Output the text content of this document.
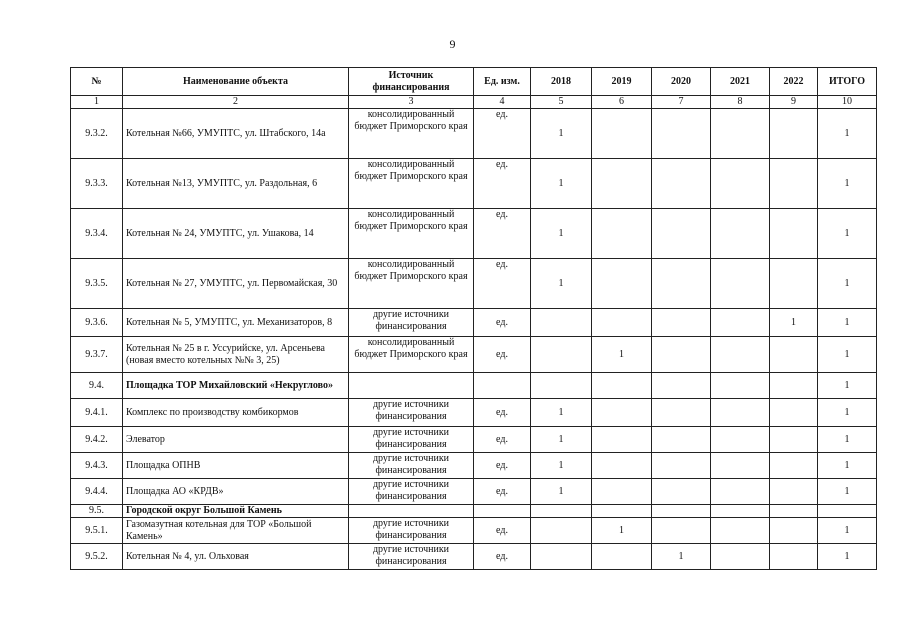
9
№	Наименование объекта	Источник финансирования	Ед. изм.	2018	2019	2020	2021	2022	ИТОГО
1	2	3	4	5	6	7	8	9	10
9.3.2.	Котельная №66, УМУПТС, ул. Штабского, 14а	консолидированный бюджет Приморского края	ед.	1					1
9.3.3.	Котельная №13, УМУПТС, ул. Раздольная, 6	консолидированный бюджет Приморского края	ед.	1					1
9.3.4.	Котельная № 24, УМУПТС, ул. Ушакова, 14	консолидированный бюджет Приморского края	ед.	1					1
9.3.5.	Котельная № 27, УМУПТС, ул. Первомайская, 30	консолидированный бюджет Приморского края	ед.	1					1
9.3.6.	Котельная № 5, УМУПТС, ул. Механизаторов, 8	другие источники финансирования	ед.					1	1
9.3.7.	Котельная № 25 в г. Уссурийске, ул. Арсеньева (новая вместо котельных №№ 3, 25)	консолидированный бюджет Приморского края	ед.		1				1
9.4.	Площадка ТОР Михайловский «Некруглово»								1
9.4.1.	Комплекс по производству комбикормов	другие источники финансирования	ед.	1					1
9.4.2.	Элеватор	другие источники финансирования	ед.	1					1
9.4.3.	Площадка ОПНВ	другие источники финансирования	ед.	1					1
9.4.4.	Площадка АО «КРДВ»	другие источники финансирования	ед.	1					1
9.5.	Городской округ Большой Камень								
9.5.1.	Газомазутная котельная для ТОР «Большой Камень»	другие источники финансирования	ед.		1				1
9.5.2.	Котельная № 4, ул. Ольховая	другие источники финансирования	ед.			1			1
